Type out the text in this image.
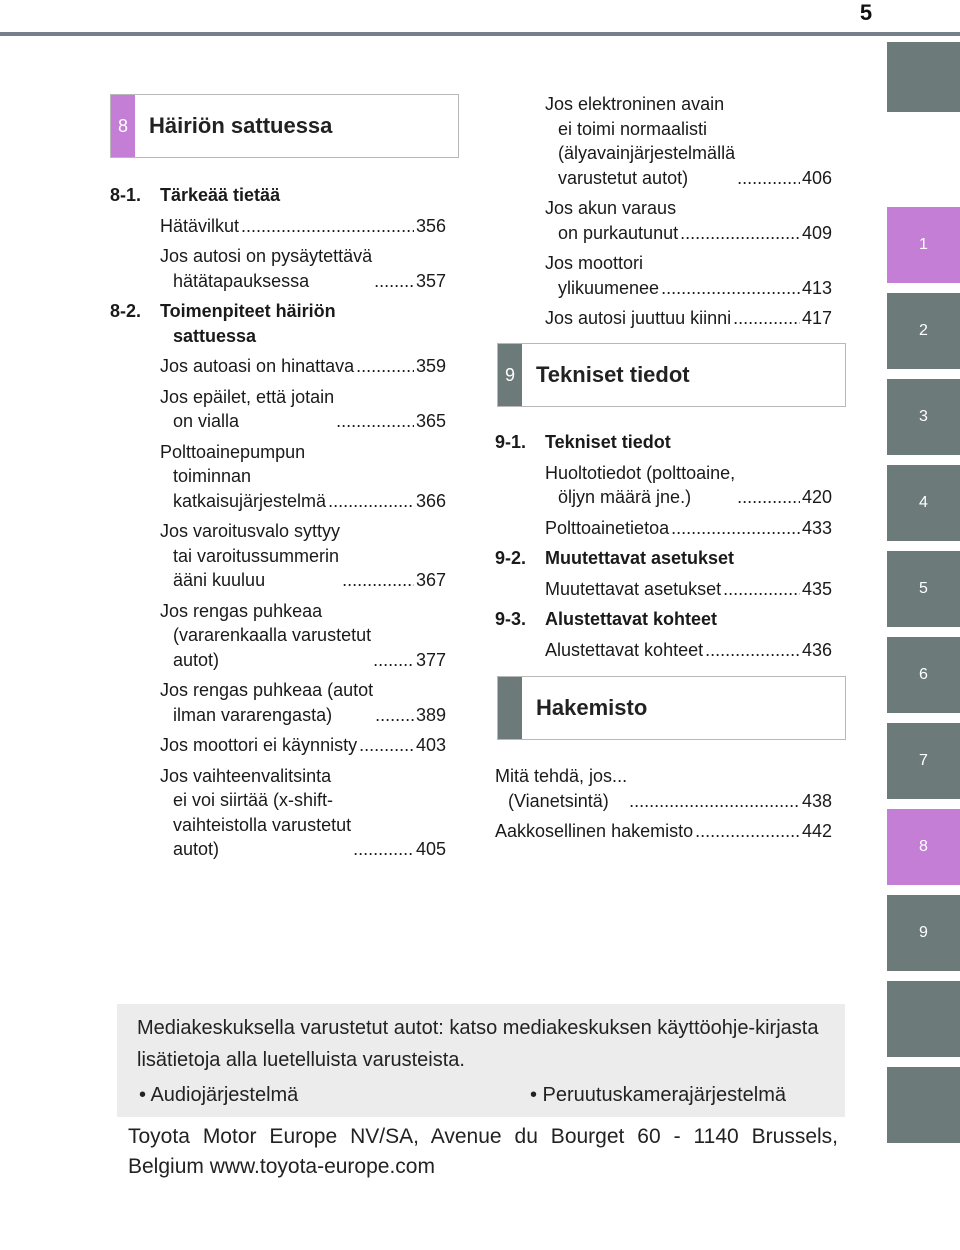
5
1
2
3
4
5
6
7
8
9
8 Häiriön sattuessa
8-1.	Tärkeää tietää
Hätävilkut .....	356
Jos autosi on pysäytettävä
hätätapauksessa .....	357
8-2.	Toimenpiteet häiriön
sattuessa
Jos autoasi on hinattava .....	359
Jos epäilet, että jotain
on vialla .....	365
Polttoainepumpun
toiminnan
katkaisujärjestelmä .....	366
Jos varoitusvalo syttyy
tai varoitussummerin
ääni kuuluu .....	367
Jos rengas puhkeaa
(vararenkaalla varustetut
autot) .....	377
Jos rengas puhkeaa (autot
ilman vararengasta) .....	389
Jos moottori ei käynnisty .....	403
Jos vaihteenvalitsinta
ei voi siirtää (x-shift-
vaihteistolla varustetut
autot) .....	405
Jos elektroninen avain
ei toimi normaalisti
(älyavainjärjestelmällä
varustetut autot) .....	406
Jos akun varaus
on purkautunut .....	409
Jos moottori
ylikuumenee .....	413
Jos autosi juuttuu kiinni .....	417
9 Tekniset tiedot
9-1.	Tekniset tiedot
Huoltotiedot (polttoaine,
öljyn määrä jne.) .....	420
Polttoainetietoa .....	433
9-2.	Muutettavat asetukset
Muutettavat asetukset .....	435
9-3.	Alustettavat kohteet
Alustettavat kohteet .....	436
Hakemisto
Mitä tehdä, jos...
(Vianetsintä) .....	438
Aakkosellinen hakemisto .....	442
Mediakeskuksella varustetut autot: katso mediakeskuksen käyttöohje-kirjasta lisätietoja alla luetelluista varusteista.
• Audiojärjestelmä	• Peruutuskamerajärjestelmä
Toyota Motor Europe NV/SA, Avenue du Bourget 60 - 1140 Brussels, Belgium www.toyota-europe.com
